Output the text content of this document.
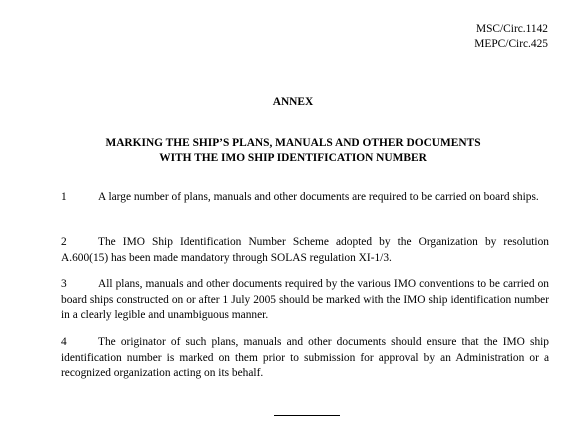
MSC/Circ.1142
MEPC/Circ.425
ANNEX
MARKING THE SHIP’S PLANS, MANUALS AND OTHER DOCUMENTS
WITH THE IMO SHIP IDENTIFICATION NUMBER
1	A large number of plans, manuals and other documents are required to be carried on board ships.
2	The IMO Ship Identification Number Scheme adopted by the Organization by resolution A.600(15) has been made mandatory through SOLAS regulation XI-1/3.
3	All plans, manuals and other documents required by the various IMO conventions to be carried on board ships constructed on or after 1 July 2005 should be marked with the IMO ship identification number in a clearly legible and unambiguous manner.
4	The originator of such plans, manuals and other documents should ensure that the IMO ship identification number is marked on them prior to submission for approval by an Administration or a recognized organization acting on its behalf.
